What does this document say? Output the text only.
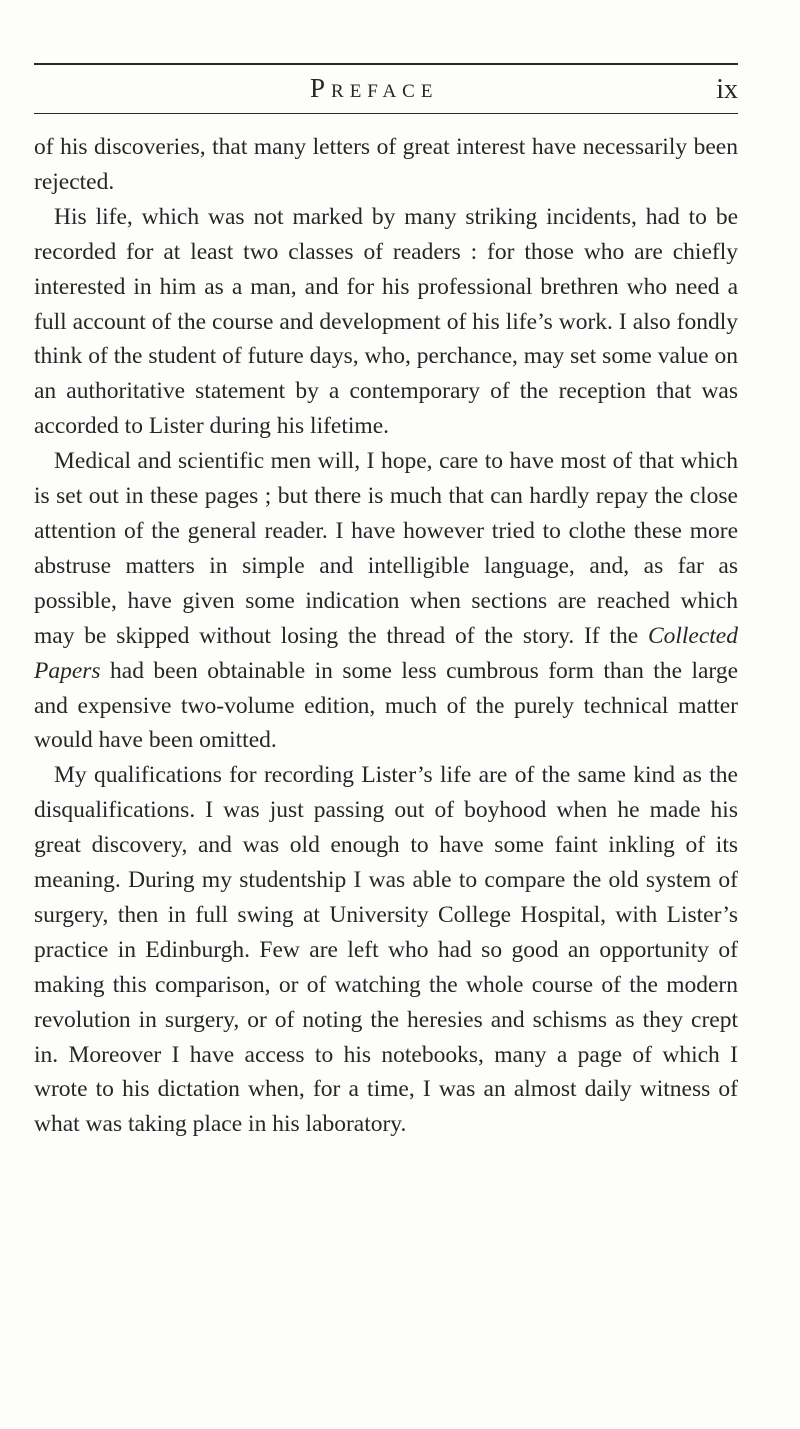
Preface	ix

of his discoveries, that many letters of great interest have necessarily been rejected.

His life, which was not marked by many striking incidents, had to be recorded for at least two classes of readers : for those who are chiefly interested in him as a man, and for his professional brethren who need a full account of the course and development of his life’s work. I also fondly think of the student of future days, who, perchance, may set some value on an authoritative statement by a contemporary of the reception that was accorded to Lister during his lifetime.

Medical and scientific men will, I hope, care to have most of that which is set out in these pages ; but there is much that can hardly repay the close attention of the general reader. I have however tried to clothe these more abstruse matters in simple and intelligible language, and, as far as possible, have given some indication when sections are reached which may be skipped without losing the thread of the story. If the Collected Papers had been obtainable in some less cumbrous form than the large and expensive two-volume edition, much of the purely technical matter would have been omitted.

My qualifications for recording Lister’s life are of the same kind as the disqualifications. I was just passing out of boyhood when he made his great discovery, and was old enough to have some faint inkling of its meaning. During my studentship I was able to compare the old system of surgery, then in full swing at University College Hospital, with Lister’s practice in Edinburgh. Few are left who had so good an opportunity of making this comparison, or of watching the whole course of the modern revolution in surgery, or of noting the heresies and schisms as they crept in. Moreover I have access to his notebooks, many a page of which I wrote to his dictation when, for a time, I was an almost daily witness of what was taking place in his laboratory.
